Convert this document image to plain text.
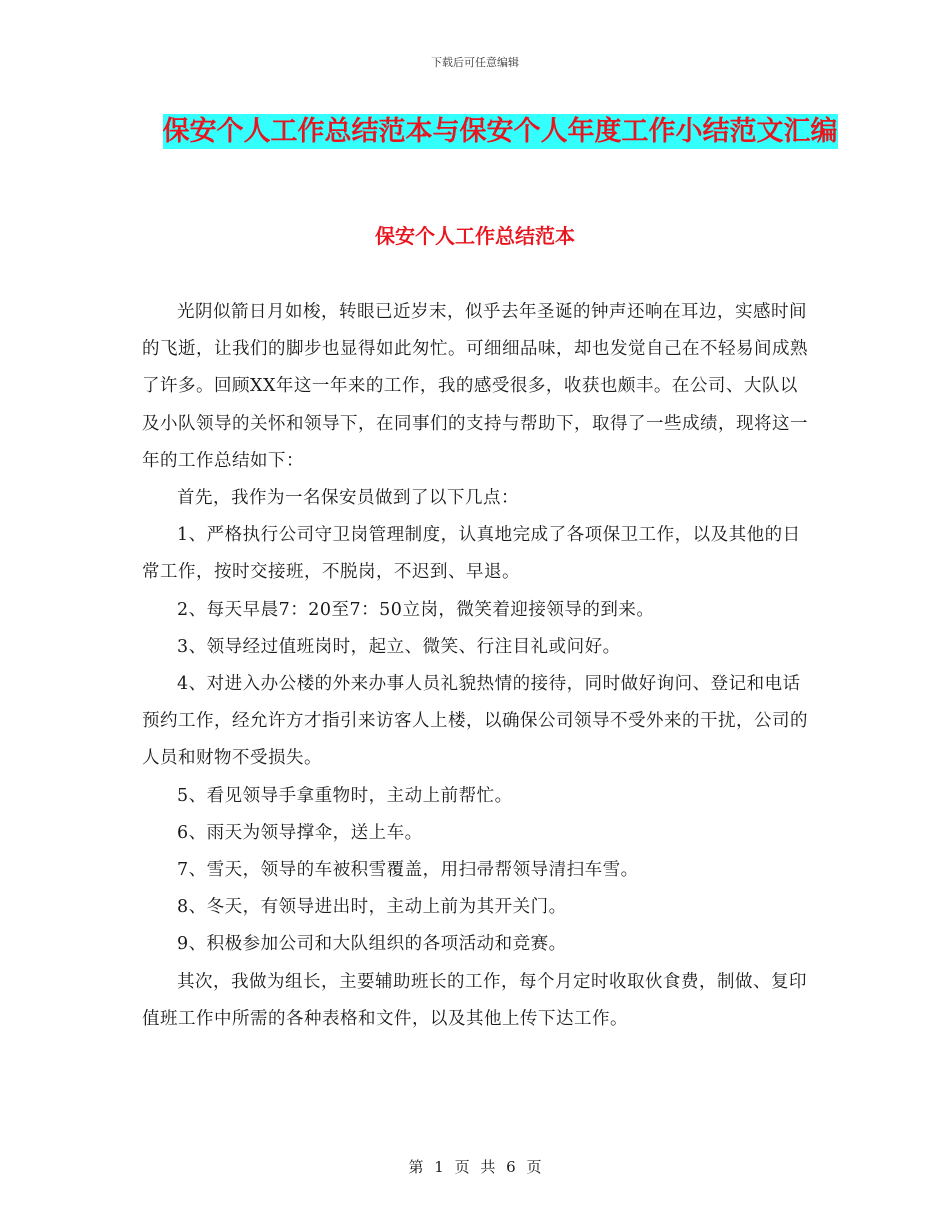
下载后可任意编辑
保安个人工作总结范本与保安个人年度工作小结范文汇编
保安个人工作总结范本

光阴似箭日月如梭，转眼已近岁末，似乎去年圣诞的钟声还响在耳边，实感时间的飞逝，让我们的脚步也显得如此匆忙。可细细品味，却也发觉自己在不轻易间成熟了许多。回顾XX年这一年来的工作，我的感受很多，收获也颇丰。在公司、大队以及小队领导的关怀和领导下，在同事们的支持与帮助下，取得了一些成绩，现将这一年的工作总结如下：

首先，我作为一名保安员做到了以下几点：

1、严格执行公司守卫岗管理制度，认真地完成了各项保卫工作，以及其他的日常工作，按时交接班，不脱岗，不迟到、早退。

2、每天早晨7：20至7：50立岗，微笑着迎接领导的到来。

3、领导经过值班岗时，起立、微笑、行注目礼或问好。

4、对进入办公楼的外来办事人员礼貌热情的接待，同时做好询问、登记和电话预约工作，经允许方才指引来访客人上楼，以确保公司领导不受外来的干扰，公司的人员和财物不受损失。

5、看见领导手拿重物时，主动上前帮忙。

6、雨天为领导撑伞，送上车。

7、雪天，领导的车被积雪覆盖，用扫帚帮领导清扫车雪。

8、冬天，有领导进出时，主动上前为其开关门。

9、积极参加公司和大队组织的各项活动和竞赛。

其次，我做为组长，主要辅助班长的工作，每个月定时收取伙食费，制做、复印值班工作中所需的各种表格和文件，以及其他上传下达工作。

第 1 页 共 6 页
